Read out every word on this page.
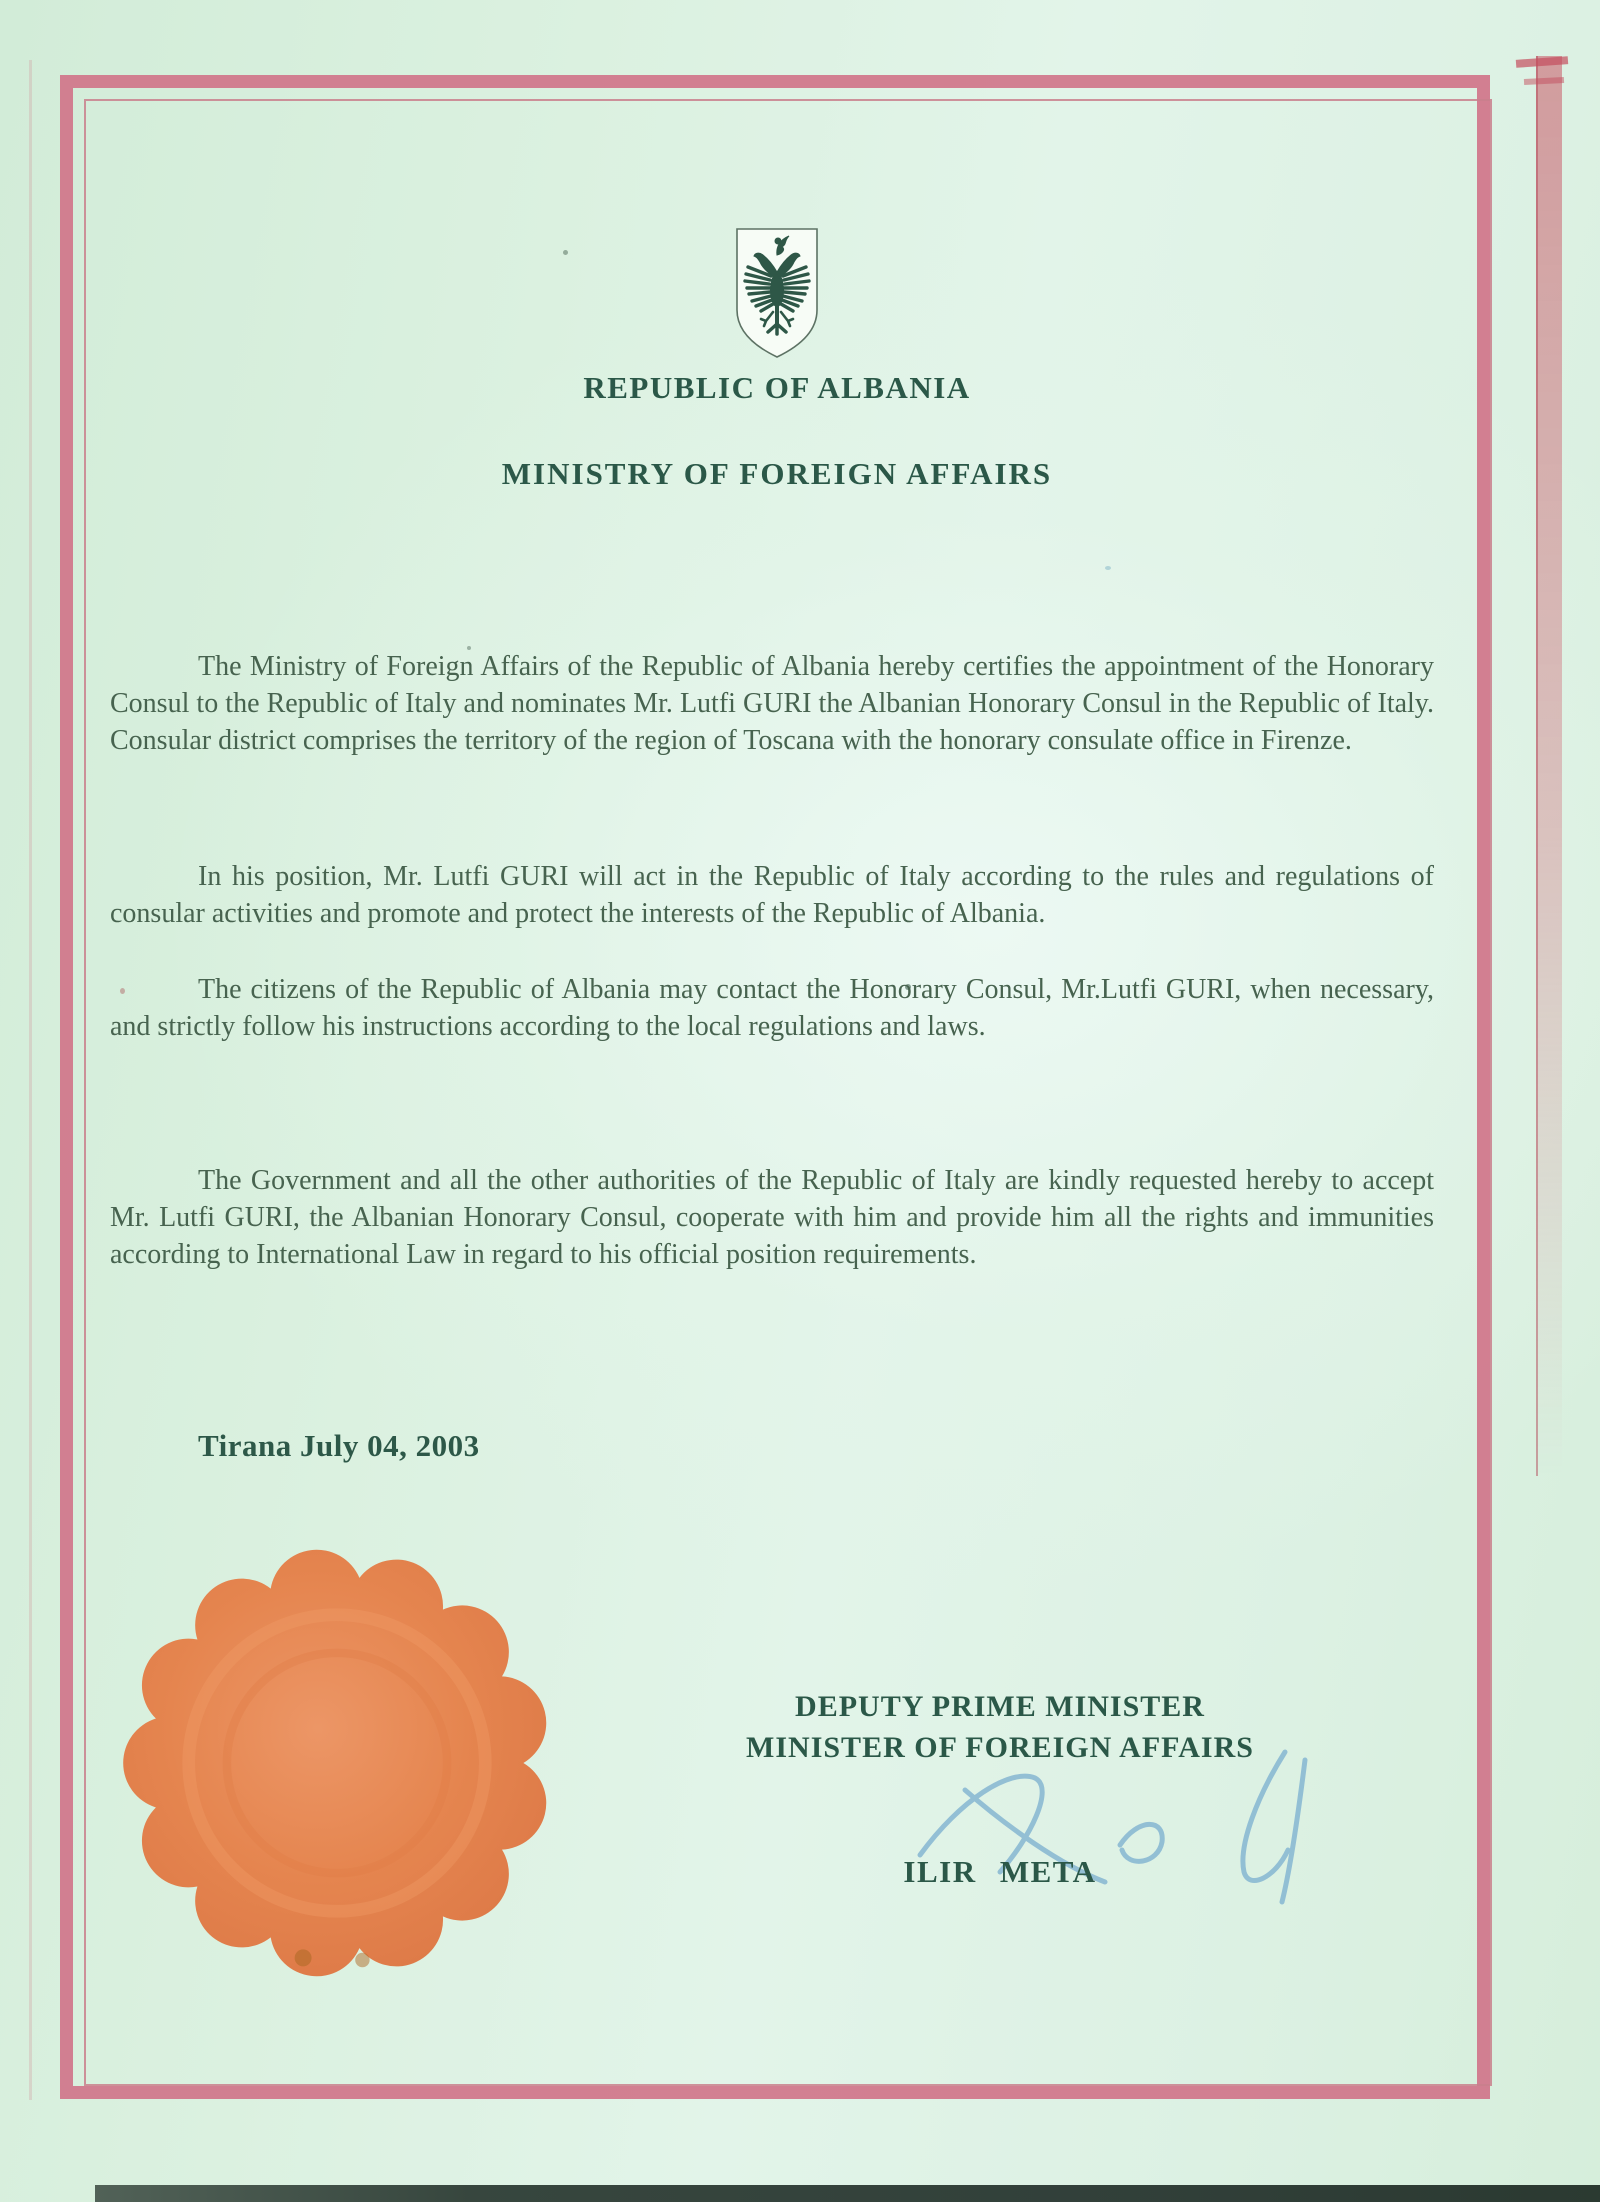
REPUBLIC OF ALBANIA
MINISTRY OF FOREIGN AFFAIRS

The Ministry of Foreign Affairs of the Republic of Albania hereby certifies the appointment of the Honorary Consul to the Republic of Italy and nominates Mr. Lutfi GURI the Albanian Honorary Consul in the Republic of Italy. Consular district comprises the territory of the region of Toscana with the honorary consulate office in Firenze.

In his position, Mr. Lutfi GURI will act in the Republic of Italy according to the rules and regulations of consular activities and promote and protect the interests of the Republic of Albania.

The citizens of the Republic of Albania may contact the Honorary Consul, Mr.Lutfi GURI, when necessary, and strictly follow his instructions according to the local regulations and laws.

The Government and all the other authorities of the Republic of Italy are kindly requested hereby to accept Mr. Lutfi GURI, the Albanian Honorary Consul, cooperate with him and provide him all the rights and immunities according to International Law in regard to his official position requirements.

Tirana July 04, 2003
DEPUTY PRIME MINISTER
MINISTER OF FOREIGN AFFAIRS
ILIR META
